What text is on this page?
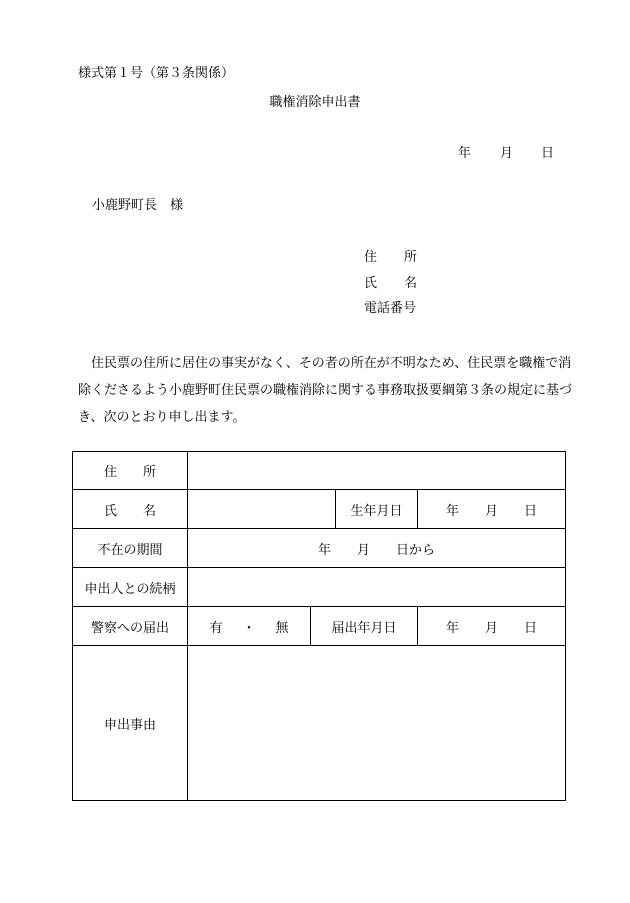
様式第１号（第３条関係）
職権消除申出書
年 月 日
小鹿野町長　様
住 所
氏 名
電話番号
住民票の住所に居住の事実がなく、その者の所在が不明なため、住民票を職権で消除くださるよう小鹿野町住民票の職権消除に関する事務取扱要綱第３条の規定に基づき、次のとおり申し出ます。
住 所				
氏 名			生年月日	年 月 日
不在の期間	年 月 日から			
申出人との続柄				
警察への届出	有 ・ 無	届出年月日		年 月 日
申出事由				
